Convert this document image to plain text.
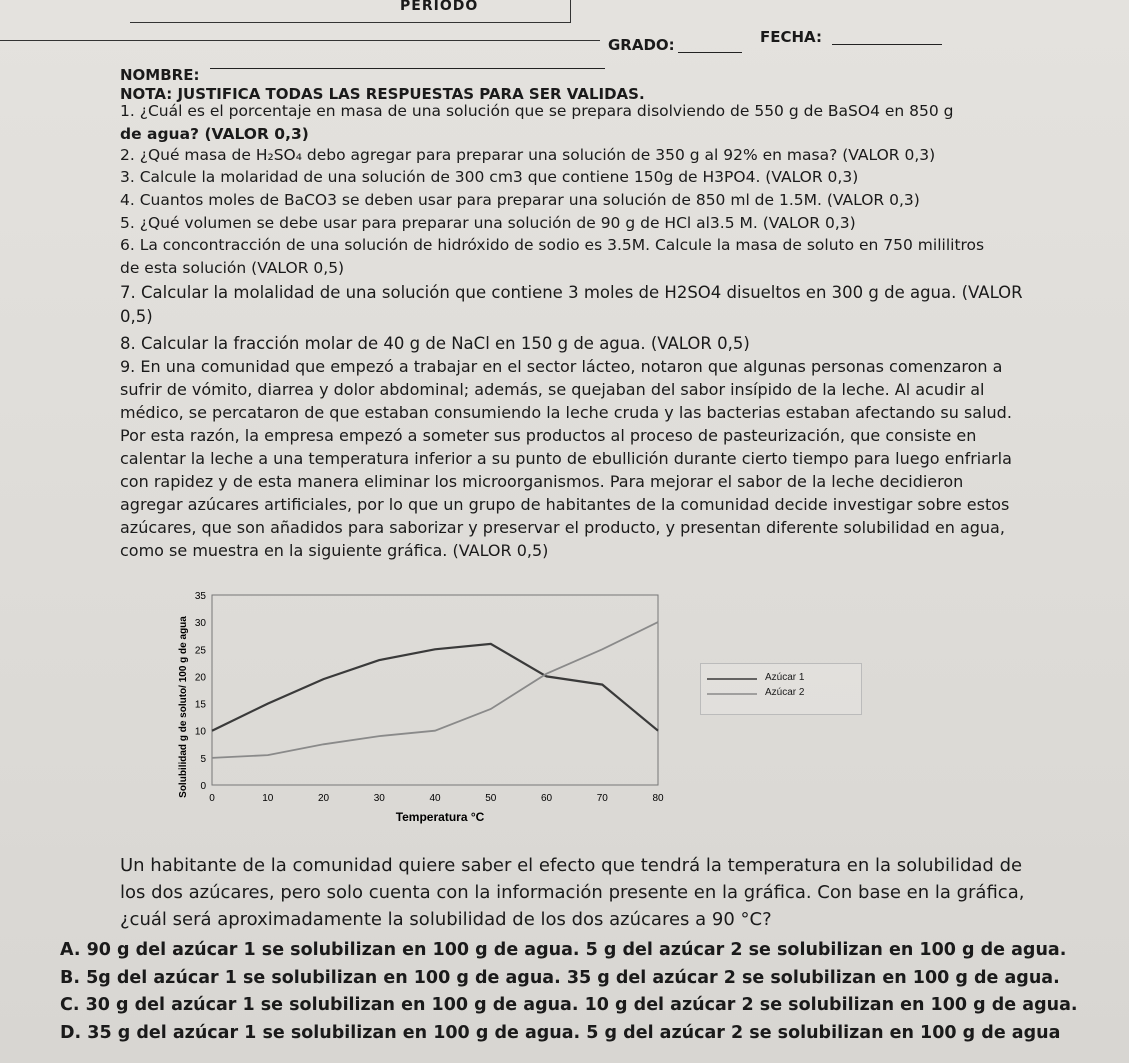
PERIODO
GRADO:	FECHA:
NOMBRE:
NOTA: JUSTIFICA TODAS LAS RESPUESTAS PARA SER VALIDAS.
1. ¿Cuál es el porcentaje en masa de una solución que se prepara disolviendo de 550 g de BaSO4 en 850 g
de agua? (VALOR 0,3)
2. ¿Qué masa de H₂SO₄ debo agregar para preparar una solución de 350 g al 92% en masa? (VALOR 0,3)
3. Calcule la molaridad de una solución de 300 cm3 que contiene 150g de H3PO4. (VALOR 0,3)
4. Cuantos moles de BaCO3 se deben usar para preparar una solución de 850 ml de 1.5M. (VALOR 0,3)
5. ¿Qué volumen se debe usar para preparar una solución de 90 g de HCl al3.5 M. (VALOR 0,3)
6. La concontracción de una solución de hidróxido de sodio es 3.5M. Calcule la masa de soluto en 750 mililitros
de esta solución (VALOR 0,5)
7. Calcular la molalidad de una solución que contiene 3 moles de H2SO4 disueltos en 300 g de agua. (VALOR
0,5)
8. Calcular la fracción molar de 40 g de NaCl en 150 g de agua. (VALOR 0,5)
9. En una comunidad que empezó a trabajar en el sector lácteo, notaron que algunas personas comenzaron a
sufrir de vómito, diarrea y dolor abdominal; además, se quejaban del sabor insípido de la leche. Al acudir al
médico, se percataron de que estaban consumiendo la leche cruda y las bacterias estaban afectando su salud.
Por esta razón, la empresa empezó a someter sus productos al proceso de pasteurización, que consiste en
calentar la leche a una temperatura inferior a su punto de ebullición durante cierto tiempo para luego enfriarla
con rapidez y de esta manera eliminar los microorganismos. Para mejorar el sabor de la leche decidieron
agregar azúcares artificiales, por lo que un grupo de habitantes de la comunidad decide investigar sobre estos
azúcares, que son añadidos para saborizar y preservar el producto, y presentan diferente solubilidad en agua,
como se muestra en la siguiente gráfica. (VALOR 0,5)
0	10	20	30	40	50	60	70	80
0
5
10
15
20
25
30
35
Temperatura °C
Solubilidad g de soluto/ 100 g de agua	Azúcar 1
Azúcar 2
Un habitante de la comunidad quiere saber el efecto que tendrá la temperatura en la solubilidad de
los dos azúcares, pero solo cuenta con la información presente en la gráfica. Con base en la gráfica,
¿cuál será aproximadamente la solubilidad de los dos azúcares a 90 °C?
A. 90 g del azúcar 1 se solubilizan en 100 g de agua. 5 g del azúcar 2 se solubilizan en 100 g de agua.
B. 5g del azúcar 1 se solubilizan en 100 g de agua. 35 g del azúcar 2 se solubilizan en 100 g de agua.
C. 30 g del azúcar 1 se solubilizan en 100 g de agua. 10 g del azúcar 2 se solubilizan en 100 g de agua.
D. 35 g del azúcar 1 se solubilizan en 100 g de agua. 5 g del azúcar 2 se solubilizan en 100 g de agua
